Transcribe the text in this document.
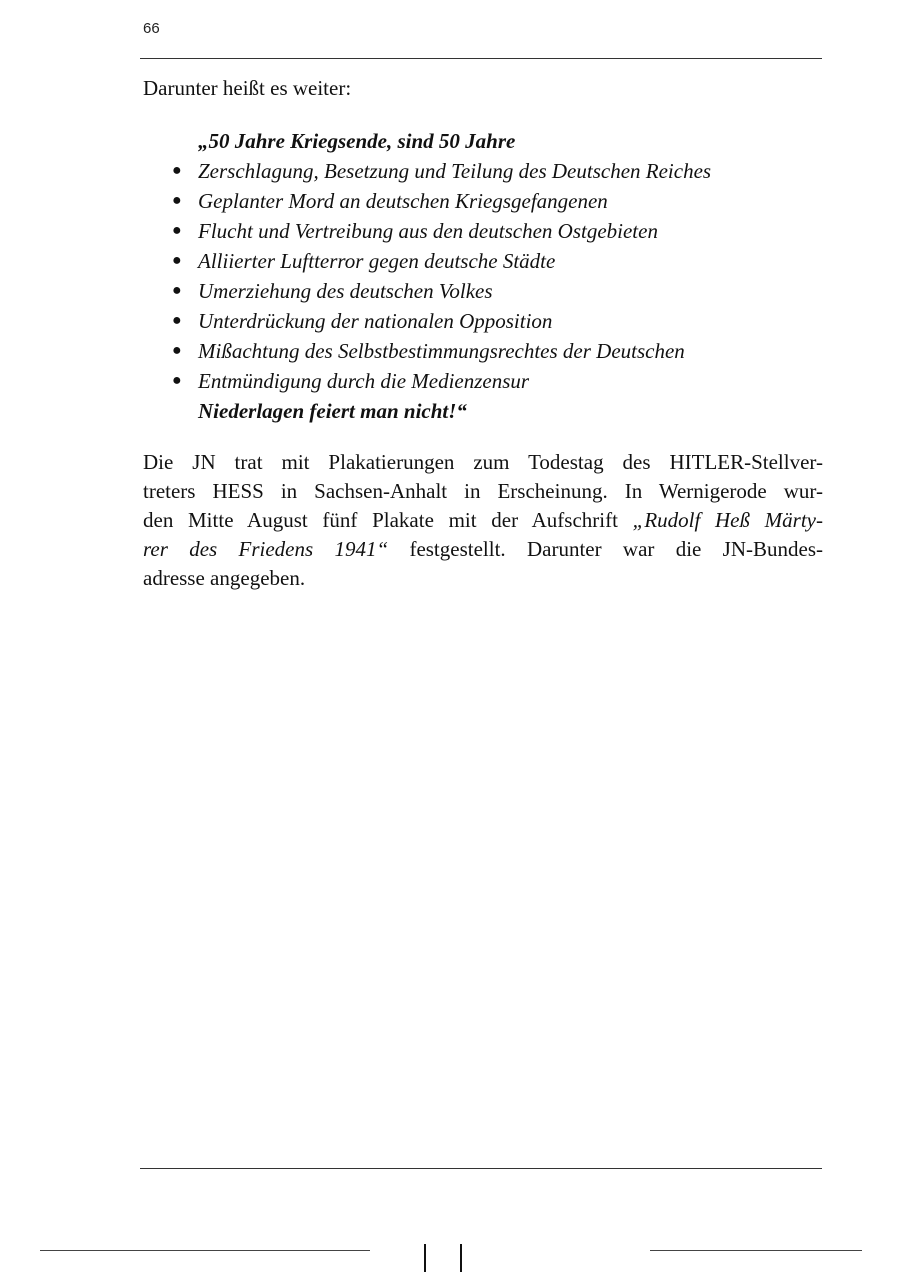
66

Darunter heißt es weiter:

„50 Jahre Kriegsende, sind 50 Jahre

● Zerschlagung, Besetzung und Teilung des Deutschen Reiches
● Geplanter Mord an deutschen Kriegsgefangenen
● Flucht und Vertreibung aus den deutschen Ostgebieten
● Alliierter Luftterror gegen deutsche Städte
● Umerziehung des deutschen Volkes
● Unterdrückung der nationalen Opposition
● Mißachtung des Selbstbestimmungsrechtes der Deutschen
● Entmündigung durch die Medienzensur

Niederlagen feiert man nicht!“

Die JN trat mit Plakatierungen zum Todestag des HITLER-Stellver-
treters HESS in Sachsen-Anhalt in Erscheinung. In Wernigerode wur-
den Mitte August fünf Plakate mit der Aufschrift „Rudolf Heß Märty-
rer des Friedens 1941“ festgestellt. Darunter war die JN-Bundes-
adresse angegeben.
